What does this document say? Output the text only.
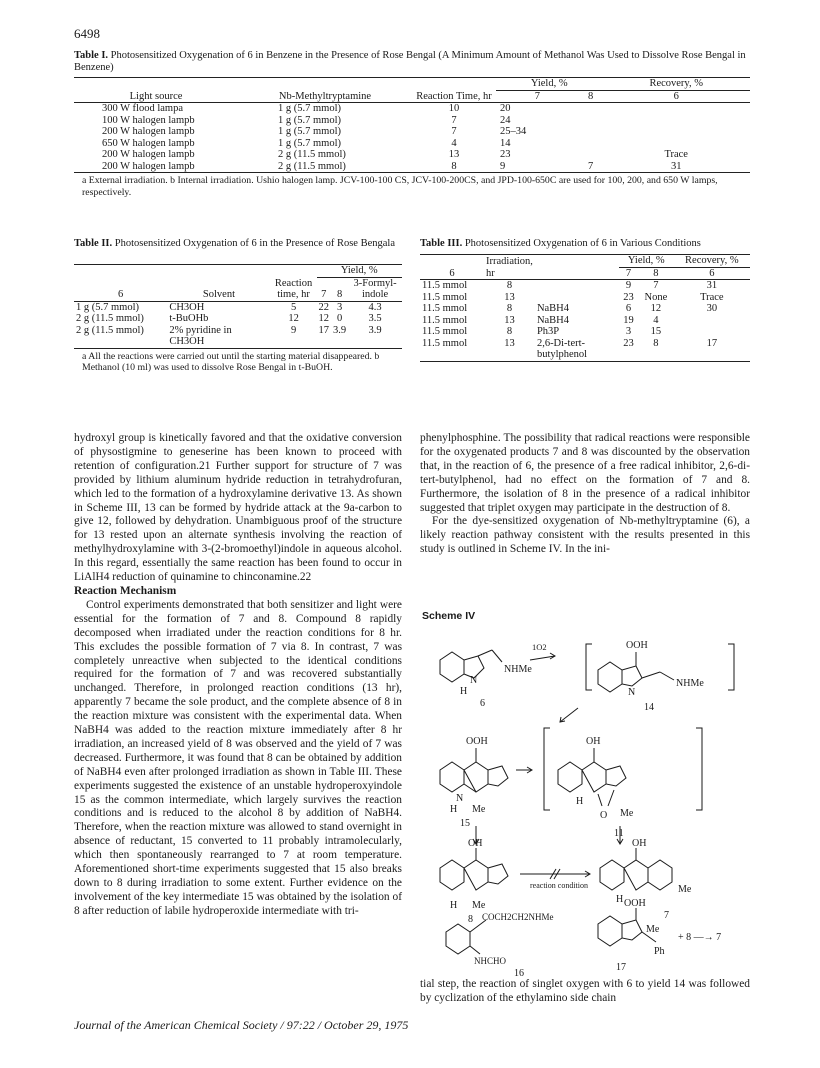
6498
Table I. Photosensitized Oxygenation of 6 in Benzene in the Presence of Rose Bengal (A Minimum Amount of Methanol Was Used to Dissolve Rose Bengal in Benzene)
Light source	Nb-Methyltryptamine	Reaction Time, hr	Yield, %		Recovery, %
			7	8	6
300 W flood lampa	1 g (5.7 mmol)	10	20		
100 W halogen lampb	1 g (5.7 mmol)	7	24		
200 W halogen lampb	1 g (5.7 mmol)	7	25–34		
650 W halogen lampb	1 g (5.7 mmol)	4	14		
200 W halogen lampb	2 g (11.5 mmol)	13	23		Trace
200 W halogen lampb	2 g (11.5 mmol)	8	9	7	31
a External irradiation. b Internal irradiation. Ushio halogen lamp. JCV-100-100 CS, JCV-100-200CS, and JPD-100-650C are used for 100, 200, and 650 W lamps, respectively.
Table II. Photosensitized Oxygenation of 6 in the Presence of Rose Bengala
6	Solvent	Reaction time, hr	Yield, %		
			7	8	3-Formyl-indole
1 g (5.7 mmol)	CH3OH	5	22	3	4.3
2 g (11.5 mmol)	t-BuOHb	12	12	0	3.5
2 g (11.5 mmol)	2% pyridine in CH3OH	9	17	3.9	3.9
a All the reactions were carried out until the starting material disappeared. b Methanol (10 ml) was used to dissolve Rose Bengal in t-BuOH.
Table III. Photosensitized Oxygenation of 6 in Various Conditions
6	Irradiation, hr		Yield, %		Recovery, %
			7	8	6
11.5 mmol	8		9	7	31
11.5 mmol	13		23	None	Trace
11.5 mmol	8	NaBH4	6	12	30
11.5 mmol	13	NaBH4	19	4	
11.5 mmol	8	Ph3P	3	15	
11.5 mmol	13	2,6-Di-tert-butylphenol	23	8	17

hydroxyl group is kinetically favored and that the oxidative conversion of physostigmine to geneserine has been known to proceed with retention of configuration.21 Further support for structure of 7 was provided by lithium aluminum hydride reduction in tetrahydrofuran, which led to the formation of a hydroxylamine derivative 13. As shown in Scheme III, 13 can be formed by hydride attack at the 9a-carbon to give 12, followed by dehydration. Unambiguous proof of the structure for 13 rested upon an alternate synthesis involving the reaction of methylhydroxylamine with 3-(2-bromoethyl)indole in aqueous alcohol. In this regard, essentially the same reaction has been found to occur in LiAlH4 reduction of quinamine to chinconamine.22

Reaction Mechanism

Control experiments demonstrated that both sensitizer and light were essential for the formation of 7 and 8. Compound 8 rapidly decomposed when irradiated under the reaction conditions for 8 hr. This excludes the possible formation of 7 via 8. In contrast, 7 was completely unreactive when subjected to the identical conditions required for the formation of 7 and was recovered substantially unchanged. Therefore, in prolonged reaction conditions (13 hr), apparently 7 became the sole product, and the complete absence of 8 in the reaction mixture was consistent with the experimental data. When NaBH4 was added to the reaction mixture immediately after 8 hr irradiation, an increased yield of 8 was observed and the yield of 7 was decreased. Furthermore, it was found that 8 can be obtained by addition of NaBH4 even after prolonged irradiation as shown in Table III. These experiments suggested the existence of an unstable hydroperoxyindole 15 as the common intermediate, which largely survives the reaction conditions and is reduced to the alcohol 8 by addition of NaBH4. Therefore, when the reaction mixture was allowed to stand overnight in absence of reductant, 15 converted to 11 probably intramolecularly, which then spontaneously rearranged to 7 at room temperature. Aforementioned short-time experiments suggested that 15 also breaks down to 8 during irradiation to some extent. Further evidence on the involvement of the key intermediate 15 was obtained by the isolation of 8 after reduction of labile hydroperoxide intermediate with tri-

phenylphosphine. The possibility that radical reactions were responsible for the oxygenated products 7 and 8 was discounted by the observation that, in the reaction of 6, the presence of a free radical inhibitor, 2,6-di-tert-butylphenol, had no effect on the formation of 7 and 8. Furthermore, the isolation of 8 in the presence of a radical inhibitor suggested that triplet oxygen may participate in the destruction of 8.

For the dye-sensitized oxygenation of Nb-methyltryptamine (6), a likely reaction pathway consistent with the results presented in this study is outlined in Scheme IV. In the ini-

Scheme IV
NHMe
N
H
6
1O2	OOH
N
NHMe
14
OOH
N
H Me
15
OH
H
O Me
11
OH
H Me
8
reaction condition
OH
H
Me
7
COCH2CH2NHMe
NHCHO
16
OOH
Me
Ph
+ 8 —→ 7
17

tial step, the reaction of singlet oxygen with 6 to yield 14 was followed by cyclization of the ethylamino side chain

Journal of the American Chemical Society / 97:22 / October 29, 1975
